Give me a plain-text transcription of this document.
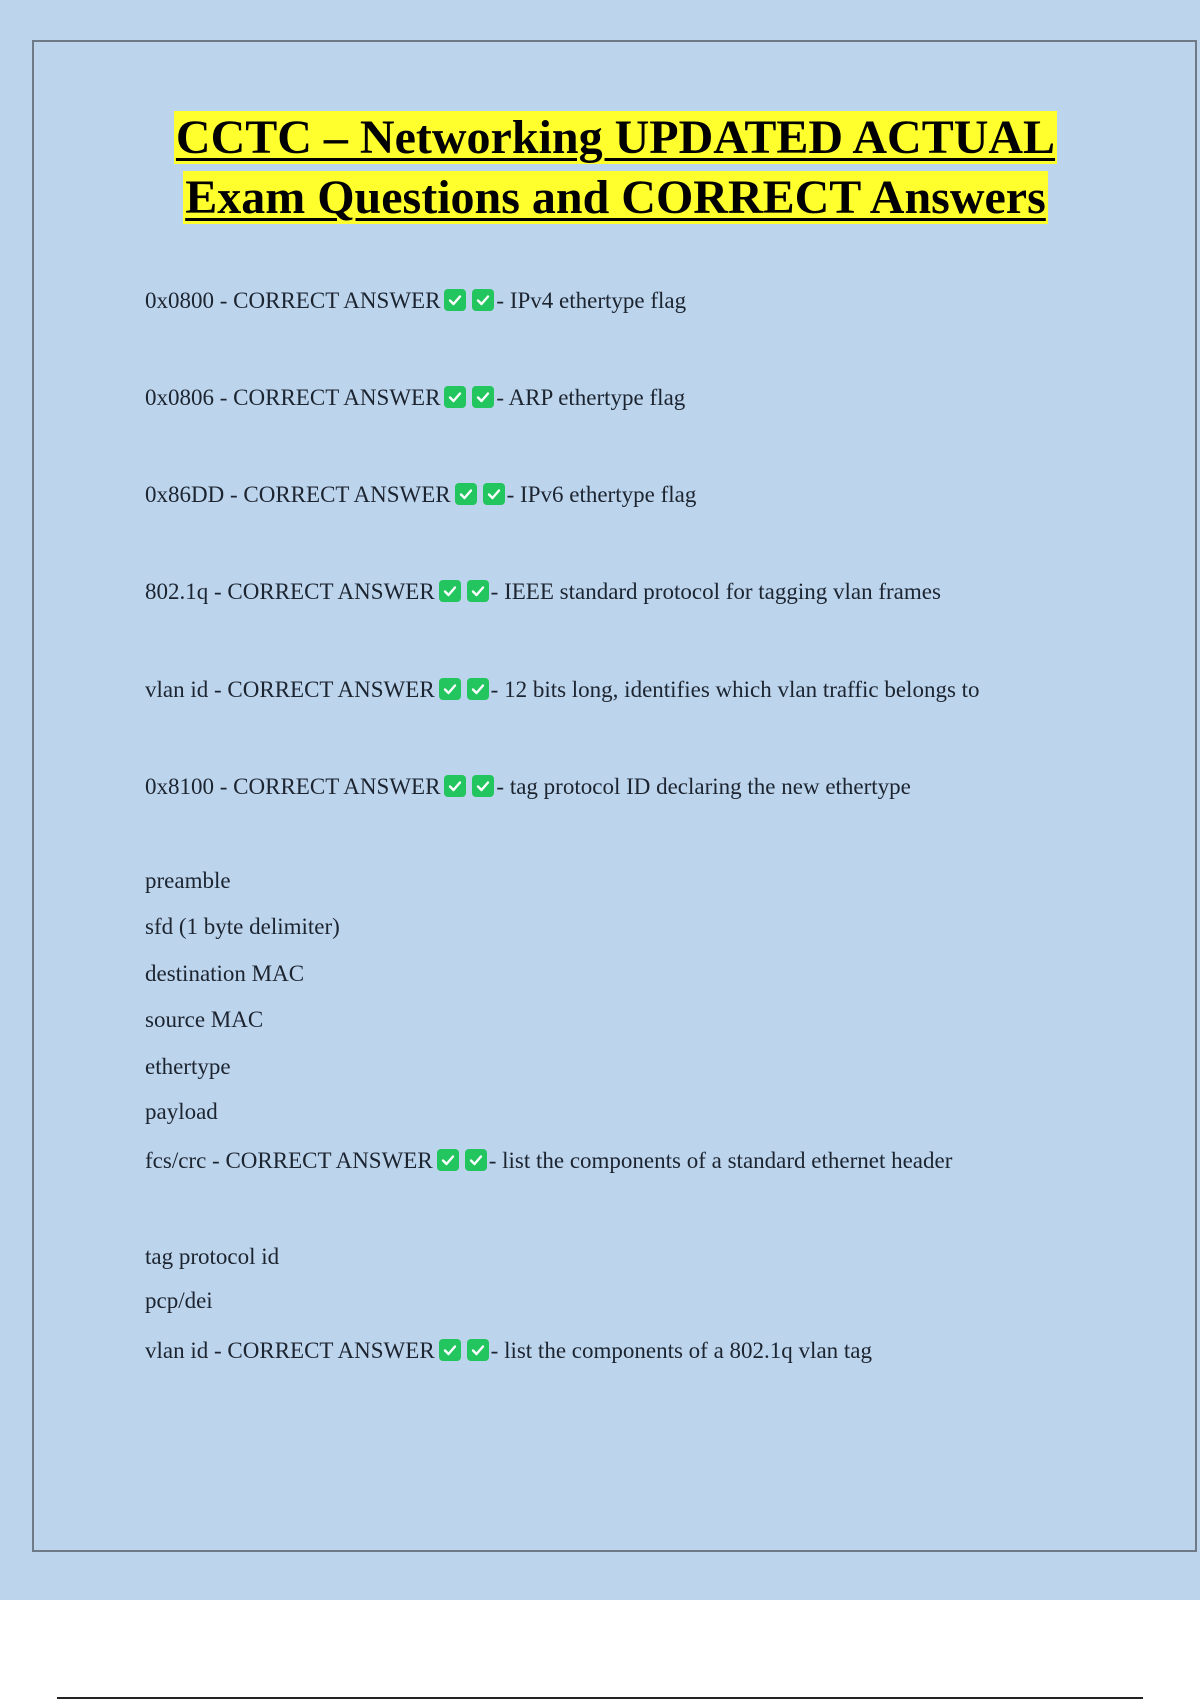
CCTC – Networking UPDATED ACTUAL
Exam Questions and CORRECT Answers
0x0800 - CORRECT ANSWER - IPv4 ethertype flag
0x0806 - CORRECT ANSWER - ARP ethertype flag
0x86DD - CORRECT ANSWER - IPv6 ethertype flag
802.1q - CORRECT ANSWER - IEEE standard protocol for tagging vlan frames
vlan id - CORRECT ANSWER - 12 bits long, identifies which vlan traffic belongs to
0x8100 - CORRECT ANSWER - tag protocol ID declaring the new ethertype
preamble
sfd (1 byte delimiter)
destination MAC
source MAC
ethertype
payload
fcs/crc - CORRECT ANSWER - list the components of a standard ethernet header
tag protocol id
pcp/dei
vlan id - CORRECT ANSWER - list the components of a 802.1q vlan tag
